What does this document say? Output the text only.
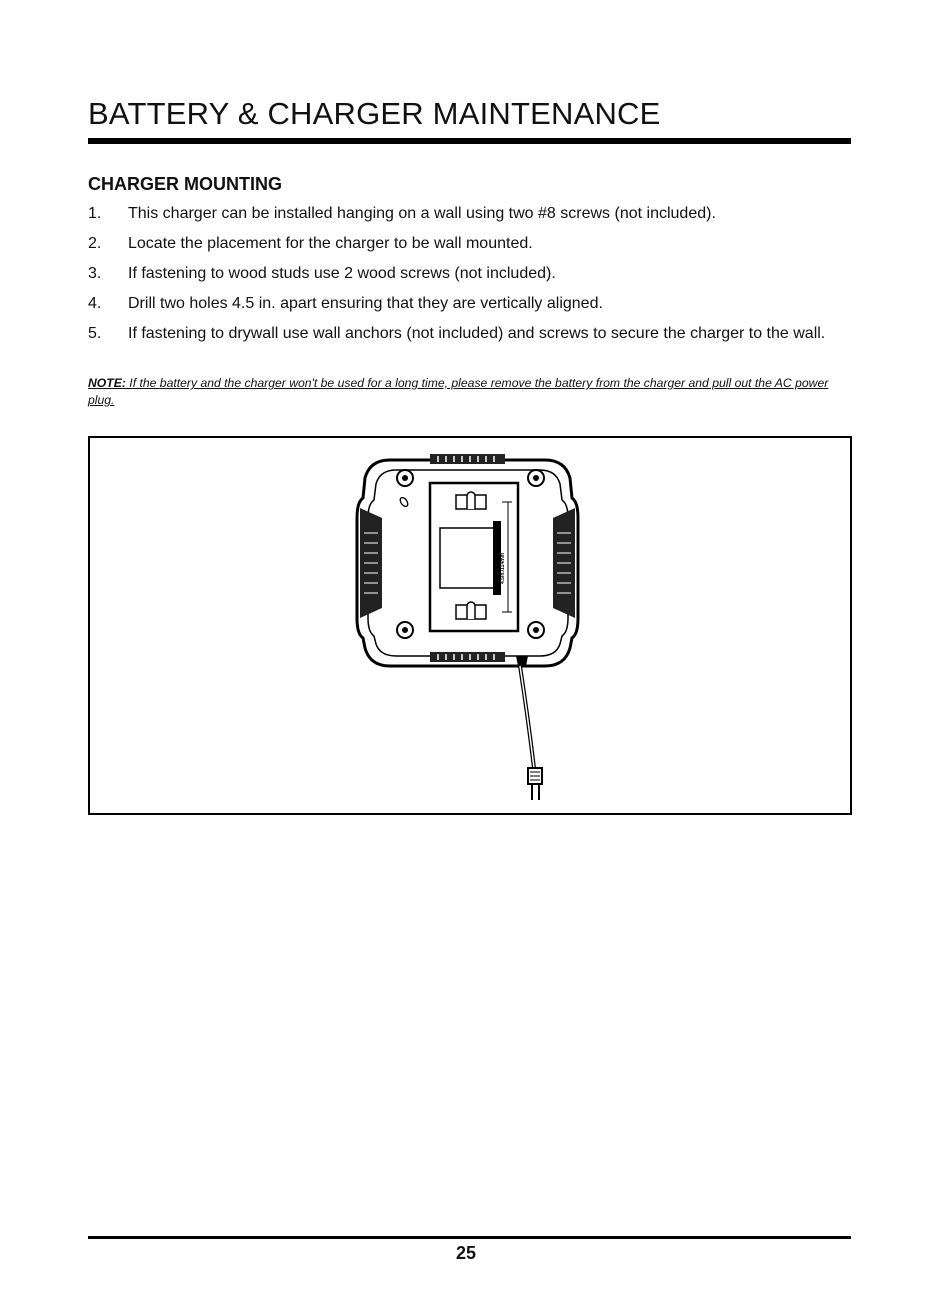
BATTERY & CHARGER MAINTENANCE
CHARGER MOUNTING
1. This charger can be installed hanging on a wall using two #8 screws (not included).
2. Locate the placement for the charger to be wall mounted.
3. If fastening to wood studs use 2 wood screws (not included).
4. Drill two holes 4.5 in. apart ensuring that they are vertically aligned.
5. If fastening to drywall use wall anchors (not included) and screws to secure the charger to the wall.

NOTE: If the battery and the charger won't be used for a long time, please remove the battery from the charger and pull out the AC power plug.

4.5in./114mm
25
